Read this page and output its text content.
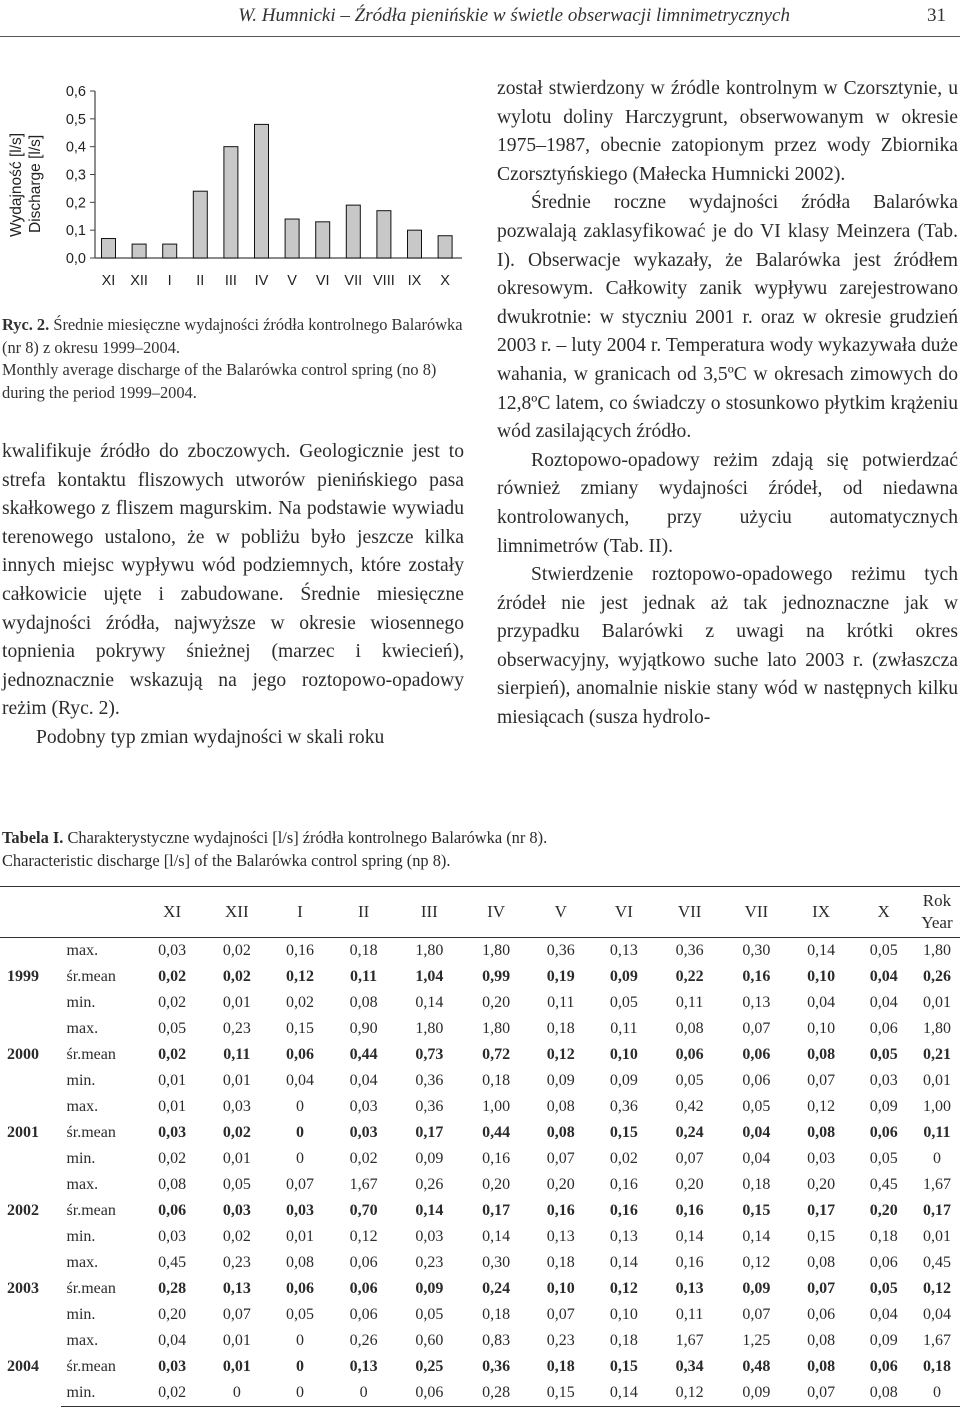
W. Humnicki – Źródła pienińskie w świetle obserwacji limnimetrycznych	31
Wydajność [l/s] Discharge [l/s]
0,0
0,1
0,2
0,3
0,4
0,5
0,6
XI XII I II III IV V VI VII VIII IX X

Ryc. 2. Średnie miesięczne wydajności źródła kontrolnego Balarówka (nr 8) z okresu 1999–2004.

Monthly average discharge of the Balarówka control spring (no 8) during the period 1999–2004.

kwalifikuje źródło do zboczowych. Geologicznie jest to strefa kontaktu fliszowych utworów pienińskiego pasa skałkowego z fliszem magurskim. Na podstawie wywiadu terenowego ustalono, że w pobliżu było jeszcze kilka innych miejsc wypływu wód podziemnych, które zostały całkowicie ujęte i zabudowane. Średnie miesięczne wydajności źródła, najwyższe w okresie wiosennego topnienia pokrywy śnieżnej (marzec i kwiecień), jednoznacznie wskazują na jego roztopowo-opadowy reżim (Ryc. 2).

Podobny typ zmian wydajności w skali roku

został stwierdzony w źródle kontrolnym w Czorsztynie, u wylotu doliny Harczygrunt, obserwowanym w okresie 1975–1987, obecnie zatopionym przez wody Zbiornika Czorsztyńskiego (Małecka Humnicki 2002).

Średnie roczne wydajności źródła Balarówka pozwalają zaklasyfikować je do VI klasy Meinzera (Tab. I). Obserwacje wykazały, że Balarówka jest źródłem okresowym. Całkowity zanik wypływu zarejestrowano dwukrotnie: w styczniu 2001 r. oraz w okresie grudzień 2003 r. – luty 2004 r. Temperatura wody wykazywała duże wahania, w granicach od 3,5ºC w okresach zimowych do 12,8ºC latem, co świadczy o stosunkowo płytkim krążeniu wód zasilających źródło.

Roztopowo-opadowy reżim zdają się potwierdzać również zmiany wydajności źródeł, od niedawna kontrolowanych, przy użyciu automatycznych limnimetrów (Tab. II).

Stwierdzenie roztopowo-opadowego reżimu tych źródeł nie jest jednak aż tak jednoznaczne jak w przypadku Balarówki z uwagi na krótki okres obserwacyjny, wyjątkowo suche lato 2003 r. (zwłaszcza sierpień), anomalnie niskie stany wód w następnych kilku miesiącach (susza hydrolo-

Tabela I. Charakterystyczne wydajności [l/s] źródła kontrolnego Balarówka (nr 8).

Characteristic discharge [l/s] of the Balarówka control spring (np 8).

		XI	XII	I	II	III	IV	V	VI	VII	VII	IX	X	Rok
Year
1999	max.	0,03	0,02	0,16	0,18	1,80	1,80	0,36	0,13	0,36	0,30	0,14	0,05	1,80
	śr.mean	0,02	0,02	0,12	0,11	1,04	0,99	0,19	0,09	0,22	0,16	0,10	0,04	0,26
	min.	0,02	0,01	0,02	0,08	0,14	0,20	0,11	0,05	0,11	0,13	0,04	0,04	0,01
2000	max.	0,05	0,23	0,15	0,90	1,80	1,80	0,18	0,11	0,08	0,07	0,10	0,06	1,80
	śr.mean	0,02	0,11	0,06	0,44	0,73	0,72	0,12	0,10	0,06	0,06	0,08	0,05	0,21
	min.	0,01	0,01	0,04	0,04	0,36	0,18	0,09	0,09	0,05	0,06	0,07	0,03	0,01
2001	max.	0,01	0,03	0	0,03	0,36	1,00	0,08	0,36	0,42	0,05	0,12	0,09	1,00
	śr.mean	0,03	0,02	0	0,03	0,17	0,44	0,08	0,15	0,24	0,04	0,08	0,06	0,11
	min.	0,02	0,01	0	0,02	0,09	0,16	0,07	0,02	0,07	0,04	0,03	0,05	0
2002	max.	0,08	0,05	0,07	1,67	0,26	0,20	0,20	0,16	0,20	0,18	0,20	0,45	1,67
	śr.mean	0,06	0,03	0,03	0,70	0,14	0,17	0,16	0,16	0,16	0,15	0,17	0,20	0,17
	min.	0,03	0,02	0,01	0,12	0,03	0,14	0,13	0,13	0,14	0,14	0,15	0,18	0,01
2003	max.	0,45	0,23	0,08	0,06	0,23	0,30	0,18	0,14	0,16	0,12	0,08	0,06	0,45
	śr.mean	0,28	0,13	0,06	0,06	0,09	0,24	0,10	0,12	0,13	0,09	0,07	0,05	0,12
	min.	0,20	0,07	0,05	0,06	0,05	0,18	0,07	0,10	0,11	0,07	0,06	0,04	0,04
2004	max.	0,04	0,01	0	0,26	0,60	0,83	0,23	0,18	1,67	1,25	0,08	0,09	1,67
	śr.mean	0,03	0,01	0	0,13	0,25	0,36	0,18	0,15	0,34	0,48	0,08	0,06	0,18
	min.	0,02	0	0	0	0,06	0,28	0,15	0,14	0,12	0,09	0,07	0,08	0
